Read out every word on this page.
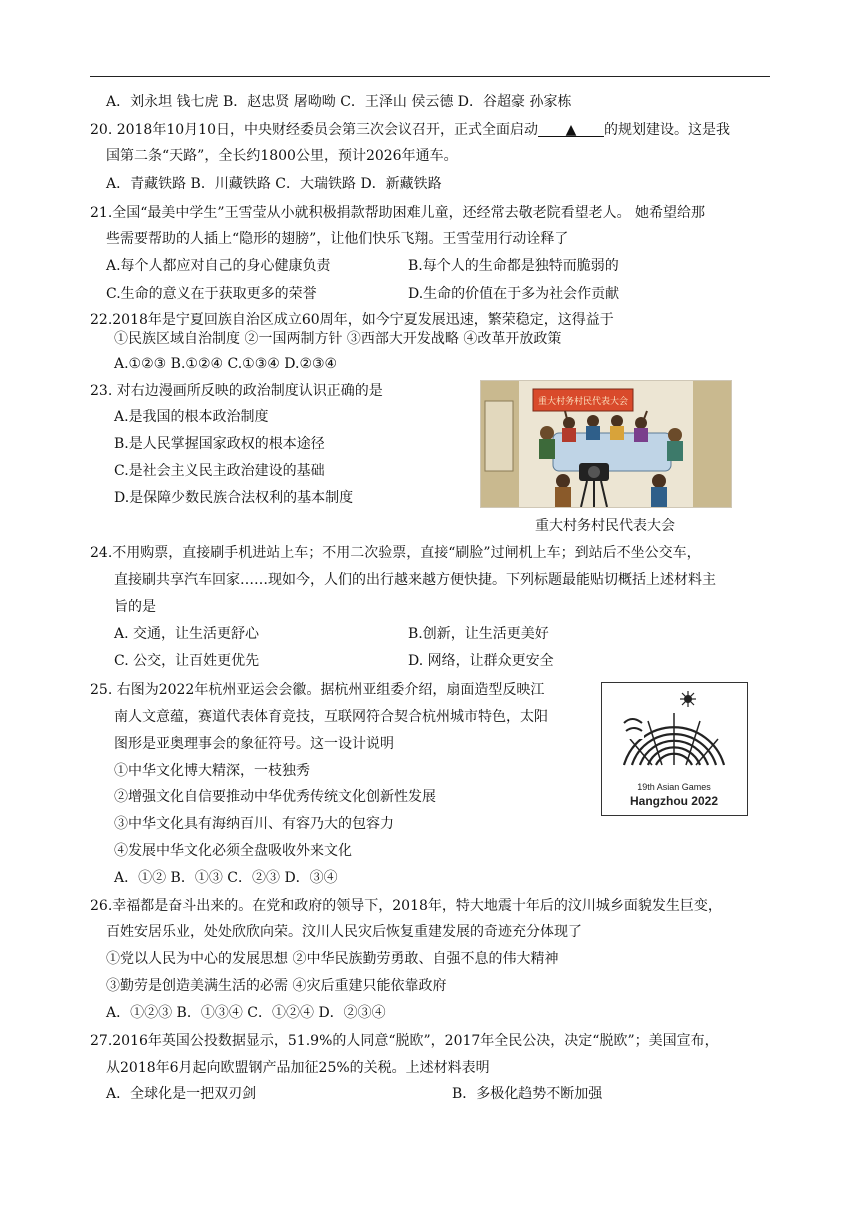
A．刘永坦 钱七虎 B．赵忠贤 屠呦呦 C．王泽山 侯云德 D．谷超豪 孙家栋
20. 2018年10月10日，中央财经委员会第三次会议召开，正式全面启动 ▲ 的规划建设。这是我
国第二条“天路”，全长约1800公里，预计2026年通车。
A．青藏铁路 B．川藏铁路 C．大瑞铁路 D．新藏铁路
21.全国“最美中学生”王雪莹从小就积极捐款帮助困难儿童，还经常去敬老院看望老人。 她希望给那
些需要帮助的人插上“隐形的翅膀”，让他们快乐飞翔。王雪莹用行动诠释了
A.每个人都应对自己的身心健康负责	B.每个人的生命都是独特而脆弱的
C.生命的意义在于获取更多的荣誉	D.生命的价值在于多为社会作贡献
22.2018年是宁夏回族自治区成立60周年，如今宁夏发展迅速，繁荣稳定，这得益于
①民族区域自治制度 ②一国两制方针 ③西部大开发战略 ④改革开放政策
A.①②③ B.①②④ C.①③④ D.②③④
23. 对右边漫画所反映的政治制度认识正确的是
A.是我国的根本政治制度
B.是人民掌握国家政权的根本途径
C.是社会主义民主政治建设的基础
D.是保障少数民族合法权利的基本制度
重大村务村民代表大会
重大村务村民代表大会
24.不用购票，直接刷手机进站上车；不用二次验票，直接“刷脸”过闸机上车；到站后不坐公交车，
直接刷共享汽车回家……现如今，人们的出行越来越方便快捷。下列标题最能贴切概括上述材料主
旨的是
A. 交通，让生活更舒心	B.创新，让生活更美好
C. 公交，让百姓更优先	D. 网络，让群众更安全
25. 右图为2022年杭州亚运会会徽。据杭州亚组委介绍，扇面造型反映江
南人文意蕴，赛道代表体育竞技，互联网符合契合杭州城市特色，太阳
图形是亚奥理事会的象征符号。这一设计说明
①中华文化博大精深，一枝独秀
②增强文化自信要推动中华优秀传统文化创新性发展
③中华文化具有海纳百川、有容乃大的包容力
④发展中华文化必须全盘吸收外来文化
A．①② B．①③ C．②③ D．③④
19th Asian Games
Hangzhou 2022
26.幸福都是奋斗出来的。在党和政府的领导下，2018年，特大地震十年后的汶川城乡面貌发生巨变，
百姓安居乐业，处处欣欣向荣。汶川人民灾后恢复重建发展的奇迹充分体现了
①党以人民为中心的发展思想 ②中华民族勤劳勇敢、自强不息的伟大精神
③勤劳是创造美满生活的必需 ④灾后重建只能依靠政府
A．①②③ B．①③④ C．①②④ D．②③④
27.2016年英国公投数据显示，51.9%的人同意“脱欧”，2017年全民公决，决定“脱欧”；美国宣布，
从2018年6月起向欧盟钢产品加征25%的关税。上述材料表明
A．全球化是一把双刃剑	B．多极化趋势不断加强
